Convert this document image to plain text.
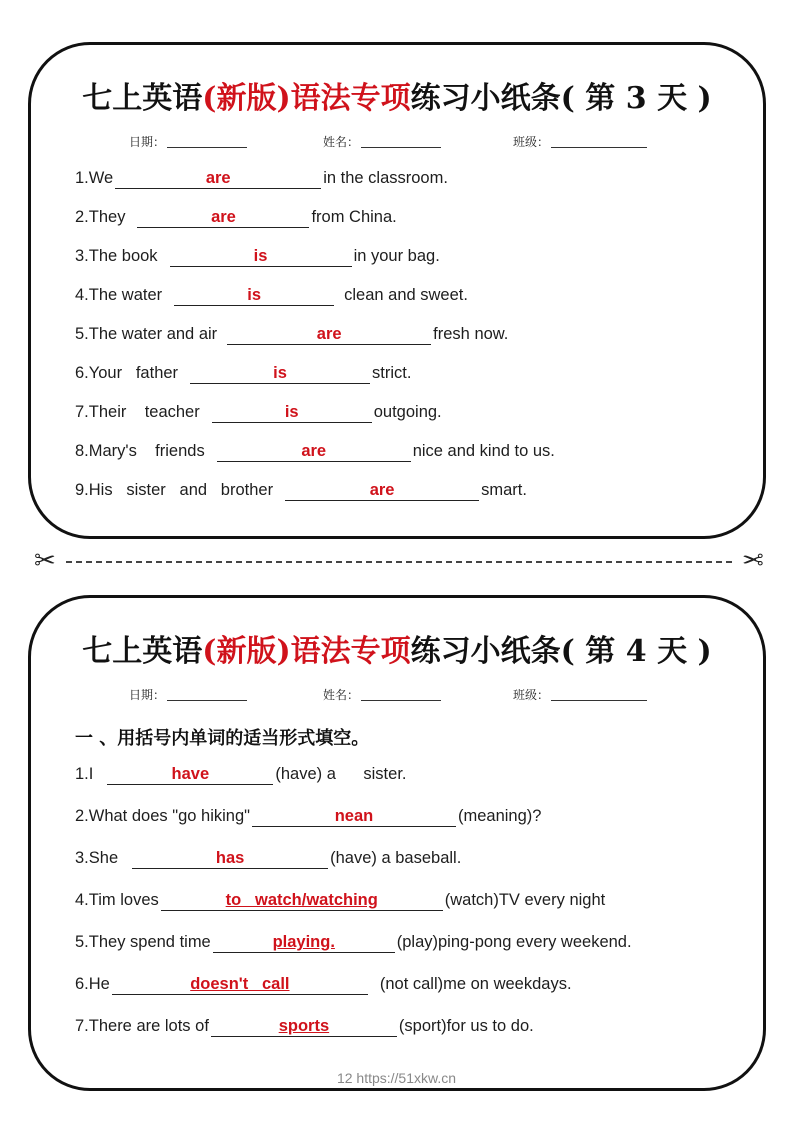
七上英语(新版)语法专项练习小纸条( 第 3 天 )
日期：	姓名：	班级：
1.We	are	in the classroom.
2.They	are	from China.
3.The book	is	in your bag.
4.The water	is	clean and sweet.
5.The water and air	are	fresh now.
6.Your   father	is	strict.
7.Their    teacher	is	outgoing.
8.Mary's    friends	are	nice and kind to us.
9.His   sister   and   brother	are	smart.
✂	✂
七上英语(新版)语法专项练习小纸条( 第 4 天 )
日期：	姓名：	班级：
一 、用括号内单词的适当形式填空。
1.I	have	(have) a      sister.
2.What does "go hiking"	nean	(meaning)?
3.She	has	(have) a baseball.
4.Tim loves	to   watch/watching	(watch)TV every night
5.They spend time	playing.	(play)ping-pong every weekend.
6.He	doesn't   call	(not call)me on weekdays.
7.There are lots of	sports	(sport)for us to do.
12 https://51xkw.cn
